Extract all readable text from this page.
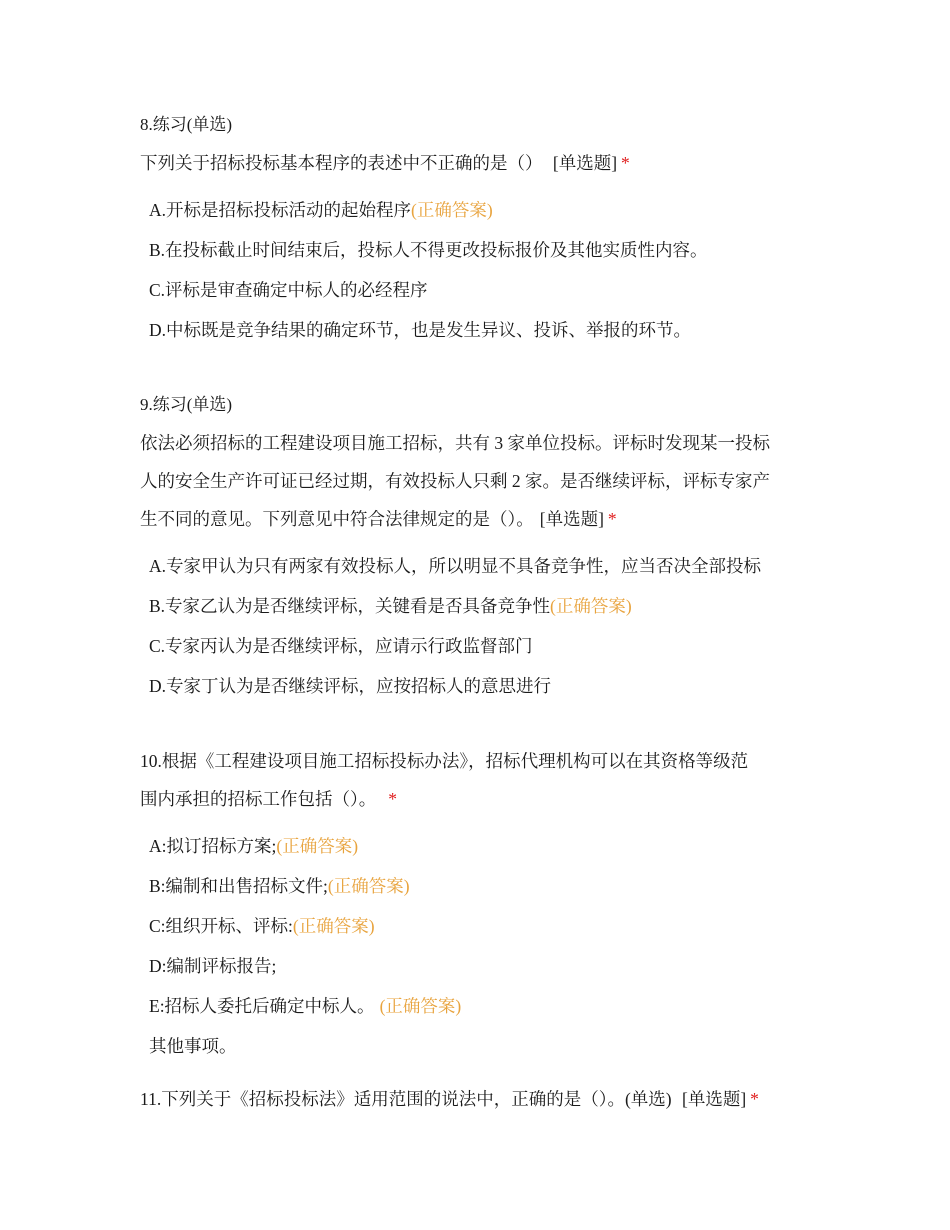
8.练习(单选)
下列关于招标投标基本程序的表述中不正确的是（） [单选题] *
A.开标是招标投标活动的起始程序(正确答案)
B.在投标截止时间结束后，投标人不得更改投标报价及其他实质性内容。
C.评标是审查确定中标人的必经程序
D.中标既是竞争结果的确定环节，也是发生异议、投诉、举报的环节。
9.练习(单选)
依法必须招标的工程建设项目施工招标，共有 3 家单位投标。评标时发现某一投标
人的安全生产许可证已经过期，有效投标人只剩 2 家。是否继续评标，评标专家产
生不同的意见。下列意见中符合法律规定的是（）。 [单选题] *
A.专家甲认为只有两家有效投标人，所以明显不具备竞争性，应当否决全部投标
B.专家乙认为是否继续评标，关键看是否具备竞争性(正确答案)
C.专家丙认为是否继续评标，应请示行政监督部门
D.专家丁认为是否继续评标，应按招标人的意思进行
10.根据《工程建设项目施工招标投标办法》，招标代理机构可以在其资格等级范
围内承担的招标工作包括（）。 *
A:拟订招标方案;(正确答案)
B:编制和出售招标文件;(正确答案)
C:组织开标、评标:(正确答案)
D:编制评标报告;
E:招标人委托后确定中标人。 (正确答案)
其他事项。
11.下列关于《招标投标法》适用范围的说法中，正确的是（）。(单选) [单选题] *
